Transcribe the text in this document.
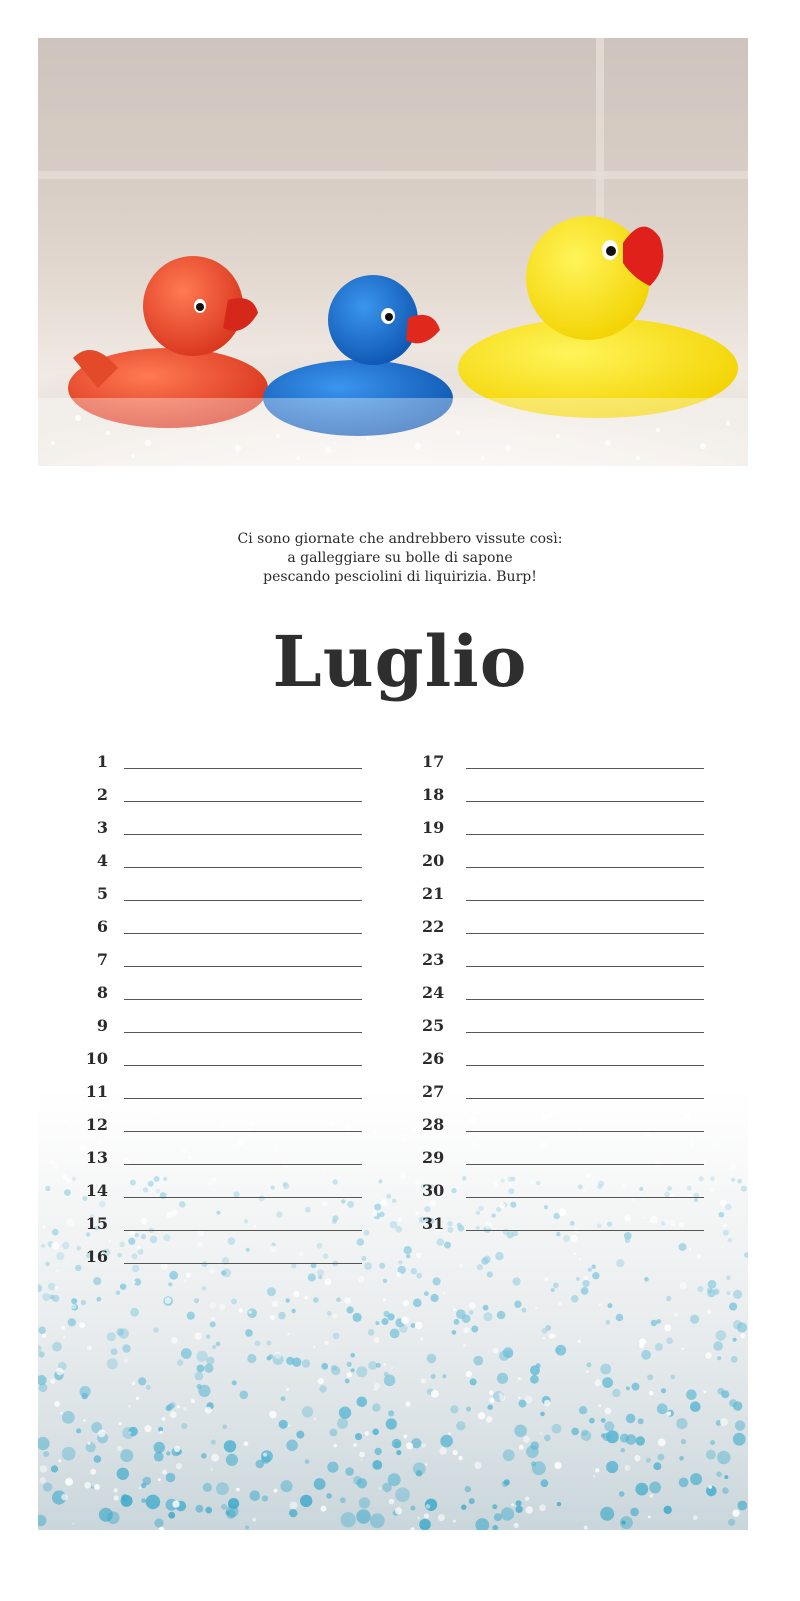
Ci sono giornate che andrebbero vissute così:
a galleggiare su bolle di sapone
pescando pesciolini di liquirizia. Burp!
Luglio
1
2
3
4
5
6
7
8
9
10
11
12
13
14
15
16
17
18
19
20
21
22
23
24
25
26
27
28
29
30
31
